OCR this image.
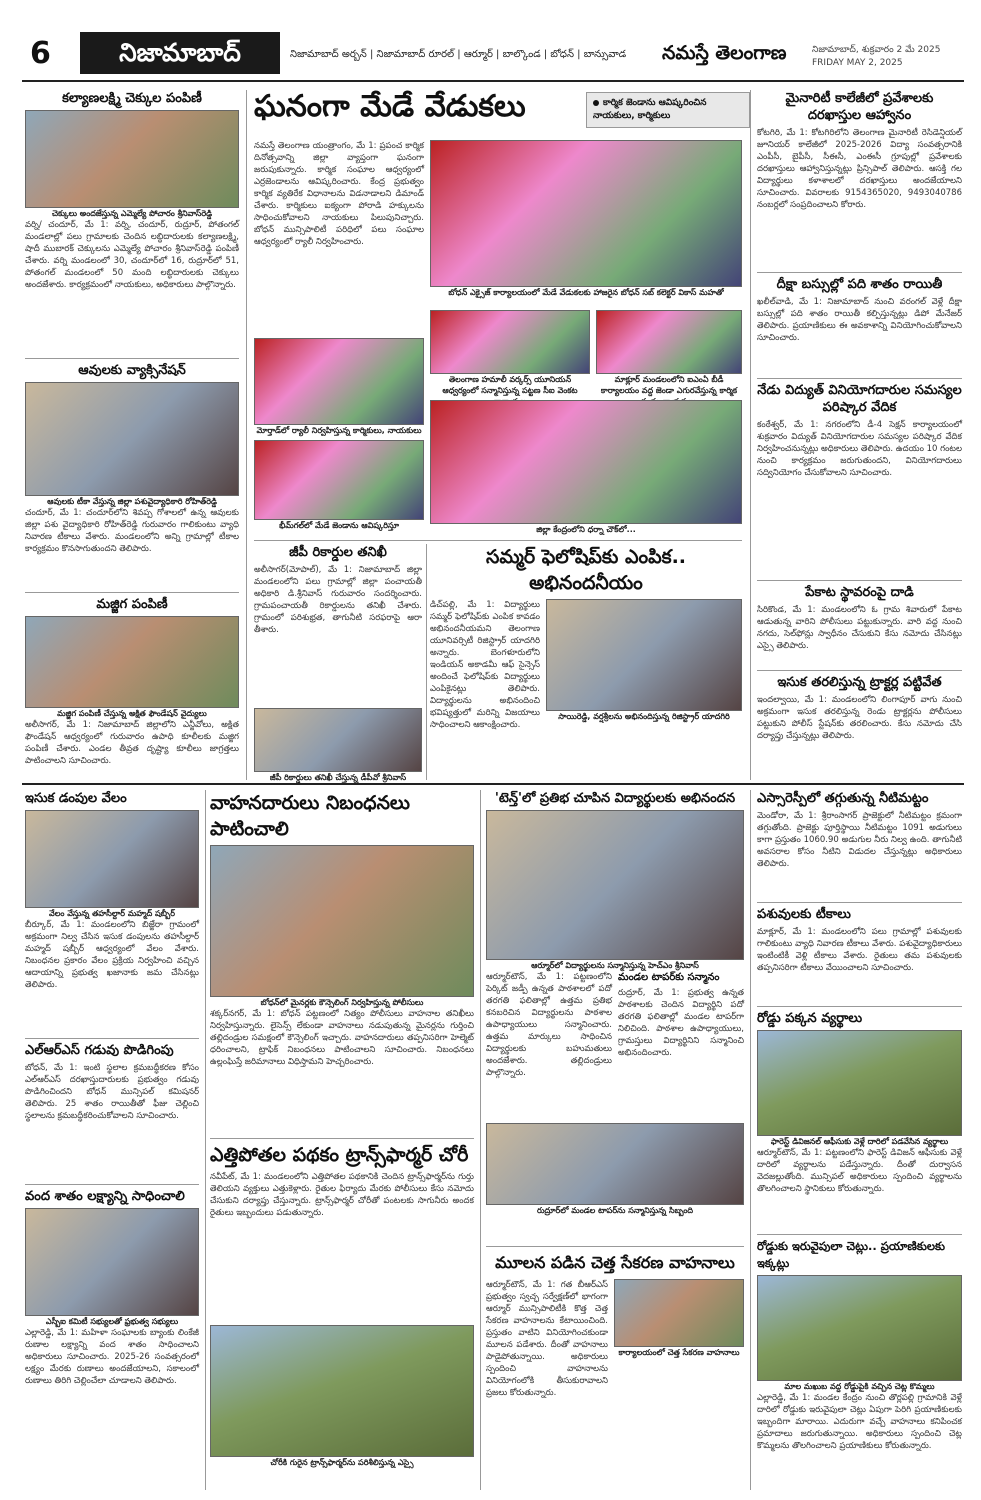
6	నిజామాబాద్	నిజామాబాద్ అర్బన్ | నిజామాబాద్ రూరల్ | ఆర్మూర్ | బాల్కొండ | బోధన్ | బాన్సువాడ నమస్తే తెలంగాణ	నిజామాబాద్, శుక్రవారం 2 మే 2025
FRIDAY MAY 2, 2025
కల్యాణలక్ష్మి చెక్కుల పంపిణీ
చెక్కులు అందజేస్తున్న ఎమ్మెల్యే పోచారం శ్రీనివాస్‌రెడ్డి
వర్ని/ చందూర్, మే 1: వర్ని, చందూర్, రుద్రూర్, పోతంగల్ మండలాల్లో పలు గ్రామాలకు చెందిన లబ్ధిదారులకు కల్యాణలక్ష్మి, షాదీ ముబారక్ చెక్కులను ఎమ్మెల్యే పోచారం శ్రీనివాస్‌రెడ్డి పంపిణీ చేశారు. వర్ని మండలంలో 30, చందూర్‌లో 16, రుద్రూర్‌లో 51, పోతంగల్ మండలంలో 50 మంది లబ్ధిదారులకు చెక్కులు అందజేశారు. కార్యక్రమంలో నాయకులు, అధికారులు పాల్గొన్నారు.
ఆవులకు వ్యాక్సినేషన్
ఆవులకు టీకా వేస్తున్న జిల్లా పశువైద్యాధికారి రోహిత్‌రెడ్డి
చందూర్, మే 1: చందూర్‌లోని శివప్ప గోశాలలో ఉన్న ఆవులకు జిల్లా పశు వైద్యాధికారి రోహిత్‌రెడ్డి గురువారం గాలికుంటు వ్యాధి నివారణ టీకాలు వేశారు. మండలంలోని అన్ని గ్రామాల్లో టీకాల కార్యక్రమం కొనసాగుతుందని తెలిపారు.
మజ్జిగ పంపిణీ
మజ్జిగ పంపిణీ చేస్తున్న అక్షిత ఫౌండేషన్ వైద్యులు
అలీసాగర్, మే 1: నిజామాబాద్ జిల్లాలోని ఎన్జీవోలు, అక్షిత ఫౌండేషన్ ఆధ్వర్యంలో గురువారం ఉపాధి కూలీలకు మజ్జిగ పంపిణీ చేశారు. ఎండల తీవ్రత దృష్ట్యా కూలీలు జాగ్రత్తలు పాటించాలని సూచించారు.
ఘనంగా మేడే వేడుకలు	కార్మిక జెండాను ఆవిష్కరించిన నాయకులు, కార్మికులు
నమస్తే తెలంగాణ యంత్రాంగం, మే 1: ప్రపంచ కార్మిక దినోత్సవాన్ని జిల్లా వ్యాప్తంగా ఘనంగా జరుపుకున్నారు. కార్మిక సంఘాల ఆధ్వర్యంలో ఎర్రజెండాలను ఆవిష్కరించారు. కేంద్ర ప్రభుత్వం కార్మిక వ్యతిరేక విధానాలను విడనాడాలని డిమాండ్ చేశారు. కార్మికులు ఐక్యంగా పోరాడి హక్కులను సాధించుకోవాలని నాయకులు పిలుపునిచ్చారు. బోధన్ మున్సిపాలిటీ పరిధిలో పలు సంఘాల ఆధ్వర్యంలో ర్యాలీ నిర్వహించారు.
బోధన్ ఎక్సైజ్ కార్యాలయంలో మేడే వేడుకలకు హాజరైన బోధన్ సబ్ కలెక్టర్ వికాస్ మహతో
మోర్తాడ్‌లో ర్యాలీ నిర్వహిస్తున్న కార్మికులు, నాయకులు
భీమ్‌గల్‌లో మేడే జెండాను ఆవిష్కరిస్తూ
తెలంగాణ హమాలీ వర్కర్స్ యూనియన్ ఆధ్వర్యంలో సన్మానిస్తున్న పట్టణ సీఐ వెంకట
మాక్లూర్ మండలంలోని ఐఎంఏ బీడీ కార్యాలయం వద్ద జెండా ఎగురవేస్తున్న కార్మిక
జిల్లా కేంద్రంలోని ధర్నా చౌక్‌లో...
జీపీ రికార్డుల తనిఖీ
అలీసాగర్(మోపాల్), మే 1: నిజామాబాద్ జిల్లా మండలంలోని పలు గ్రామాల్లో జిల్లా పంచాయతీ అధికారి డి.శ్రీనివాస్ గురువారం సందర్శించారు. గ్రామపంచాయతీ రికార్డులను తనిఖీ చేశారు. గ్రామంలో పరిశుభ్రత, తాగునీటి సరఫరాపై ఆరా తీశారు.
జీపీ రికార్డులు తనిఖీ చేస్తున్న డీపీవో శ్రీనివాస్
సమ్మర్ ఫెలోషిప్‌కు ఎంపిక.. అభినందనీయం
డిచ్‌పల్లి, మే 1: విద్యార్థులు సమ్మర్ ఫెలోషిప్‌కు ఎంపిక కావడం అభినందనీయమని తెలంగాణ యూనివర్సిటీ రిజిస్ట్రార్ యాదగిరి అన్నారు. బెంగళూరులోని ఇండియన్ అకాడమీ ఆఫ్ సైన్సెస్ అందించే ఫెలోషిప్‌కు విద్యార్థులు ఎంపికైనట్లు తెలిపారు. విద్యార్థులను అభినందించి భవిష్యత్తులో మరిన్ని విజయాలు సాధించాలని ఆకాంక్షించారు.
సాయిరెడ్డి, వర్షశ్రీలను అభినందిస్తున్న రిజిస్ట్రార్ యాదగిరి
మైనారిటీ కాలేజీలో ప్రవేశాలకు దరఖాస్తుల ఆహ్వానం
కోటగిరి, మే 1: కోటగిరిలోని తెలంగాణ మైనారిటీ రెసిడెన్షియల్ జూనియర్ కాలేజీలో 2025-2026 విద్యా సంవత్సరానికి ఎంపీసీ, బైపీసీ, సీఈసీ, ఎంఈసీ గ్రూపుల్లో ప్రవేశాలకు దరఖాస్తులు ఆహ్వానిస్తున్నట్లు ప్రిన్సిపాల్ తెలిపారు. ఆసక్తి గల విద్యార్థులు కళాశాలలో దరఖాస్తులు అందజేయాలని సూచించారు. వివరాలకు 9154365020, 9493040786 నంబర్లలో సంప్రదించాలని కోరారు.
దీక్షా బస్సుల్లో పది శాతం రాయితీ
ఖలీల్‌వాడి, మే 1: నిజామాబాద్ నుంచి వరంగల్ వెళ్లే దీక్షా బస్సుల్లో పది శాతం రాయితీ కల్పిస్తున్నట్లు డిపో మేనేజర్ తెలిపారు. ప్రయాణికులు ఈ అవకాశాన్ని వినియోగించుకోవాలని సూచించారు.
నేడు విద్యుత్ వినియోగదారుల సమస్యల పరిష్కార వేదిక
కంఠేశ్వర్, మే 1: నగరంలోని డీ-4 సెక్షన్ కార్యాలయంలో శుక్రవారం విద్యుత్ వినియోగదారుల సమస్యల పరిష్కార వేదిక నిర్వహించనున్నట్లు అధికారులు తెలిపారు. ఉదయం 10 గంటల నుంచి కార్యక్రమం జరుగుతుందని, వినియోగదారులు సద్వినియోగం చేసుకోవాలని సూచించారు.
పేకాట స్థావరంపై దాడి
సిరికొండ, మే 1: మండలంలోని ఓ గ్రామ శివారులో పేకాట ఆడుతున్న వారిని పోలీసులు పట్టుకున్నారు. వారి వద్ద నుంచి నగదు, సెల్‌ఫోన్లు స్వాధీనం చేసుకుని కేసు నమోదు చేసినట్లు ఎస్సై తెలిపారు.
ఇసుక తరలిస్తున్న ట్రాక్టర్ల పట్టివేత
ఇందల్వాయి, మే 1: మండలంలోని లింగాపూర్ వాగు నుంచి అక్రమంగా ఇసుక తరలిస్తున్న రెండు ట్రాక్టర్లను పోలీసులు పట్టుకుని పోలీస్ స్టేషన్‌కు తరలించారు. కేసు నమోదు చేసి దర్యాప్తు చేస్తున్నట్లు తెలిపారు.
ఇసుక డంపుల వేలం
వేలం వేస్తున్న తహసీల్దార్ మహ్మద్ షబ్బీర్
బీర్కూర్, మే 1: మండలంలోని బిజ్జేరా గ్రామంలో అక్రమంగా నిల్వ చేసిన ఇసుక డంపులను తహసీల్దార్ మహ్మద్ షబ్బీర్ ఆధ్వర్యంలో వేలం వేశారు. నిబంధనల ప్రకారం వేలం ప్రక్రియ నిర్వహించి వచ్చిన ఆదాయాన్ని ప్రభుత్వ ఖజానాకు జమ చేసినట్లు తెలిపారు.
ఎల్ఆర్ఎస్ గడువు పొడిగింపు
బోధన్, మే 1: ఇంటి స్థలాల క్రమబద్ధీకరణ కోసం ఎల్ఆర్ఎస్ దరఖాస్తుదారులకు ప్రభుత్వం గడువు పొడిగించిందని బోధన్ మున్సిపల్ కమిషనర్ తెలిపారు. 25 శాతం రాయితీతో ఫీజు చెల్లించి స్థలాలను క్రమబద్ధీకరించుకోవాలని సూచించారు.
వంద శాతం లక్ష్యాన్ని సాధించాలి
ఎస్బీఐ కమిటీ సభ్యులతో ఫ్రభుత్వ సభ్యులు
ఎల్లారెడ్డి, మే 1: మహిళా సంఘాలకు బ్యాంకు లింకేజీ రుణాల లక్ష్యాన్ని వంద శాతం సాధించాలని అధికారులు సూచించారు. 2025-26 సంవత్సరంలో లక్ష్యం మేరకు రుణాలు అందజేయాలని, సకాలంలో రుణాలు తిరిగి చెల్లించేలా చూడాలని తెలిపారు.
వాహనదారులు నిబంధనలు పాటించాలి
బోధన్‌లో మైనర్లకు కౌన్సెలింగ్ నిర్వహిస్తున్న పోలీసులు
శక్కర్‌నగర్, మే 1: బోధన్ పట్టణంలో నిత్యం పోలీసులు వాహనాల తనిఖీలు నిర్వహిస్తున్నారు. లైసెన్స్ లేకుండా వాహనాలు నడుపుతున్న మైనర్లను గుర్తించి తల్లిదండ్రుల సమక్షంలో కౌన్సెలింగ్ ఇచ్చారు. వాహనదారులు తప్పనిసరిగా హెల్మెట్ ధరించాలని, ట్రాఫిక్ నిబంధనలు పాటించాలని సూచించారు. నిబంధనలు ఉల్లంఘిస్తే జరిమానాలు విధిస్తామని హెచ్చరించారు.
ఎత్తిపోతల పథకం ట్రాన్స్‌ఫార్మర్ చోరీ
నవీపేట్, మే 1: మండలంలోని ఎత్తిపోతల పథకానికి చెందిన ట్రాన్స్‌ఫార్మర్‌ను గుర్తు తెలియని వ్యక్తులు ఎత్తుకెళ్లారు. రైతుల ఫిర్యాదు మేరకు పోలీసులు కేసు నమోదు చేసుకుని దర్యాప్తు చేస్తున్నారు. ట్రాన్స్‌ఫార్మర్ చోరీతో పంటలకు సాగునీరు అందక రైతులు ఇబ్బందులు పడుతున్నారు.
చోరీకి గురైన ట్రాన్స్‌ఫార్మర్‌ను పరిశీలిస్తున్న ఎస్సై
'టెన్త్'లో ప్రతిభ చూపిన విద్యార్థులకు అభినందన
ఆర్మూర్‌లో విద్యార్థులను సన్మానిస్తున్న హెచ్ఎం శ్రీనివాస్
ఆర్మూర్‌టౌన్, మే 1: పట్టణంలోని పెర్కిట్ జడ్పీ ఉన్నత పాఠశాలలో పదో తరగతి ఫలితాల్లో ఉత్తమ ప్రతిభ కనబరిచిన విద్యార్థులను పాఠశాల ఉపాధ్యాయులు సన్మానించారు. ఉత్తమ మార్కులు సాధించిన విద్యార్థులకు బహుమతులు అందజేశారు. తల్లిదండ్రులు పాల్గొన్నారు.
మండల టాపర్‌కు సన్మానం
రుద్రూర్, మే 1: ప్రభుత్వ ఉన్నత పాఠశాలకు చెందిన విద్యార్థిని పదో తరగతి ఫలితాల్లో మండల టాపర్‌గా నిలిచింది. పాఠశాల ఉపాధ్యాయులు, గ్రామస్తులు విద్యార్థినిని సన్మానించి అభినందించారు.
రుద్రూర్‌లో మండల టాపర్‌ను సన్మానిస్తున్న సిబ్బంది
మూలన పడిన చెత్త సేకరణ వాహనాలు
ఆర్మూర్‌టౌన్, మే 1: గత బీఆర్ఎస్ ప్రభుత్వం స్వచ్ఛ సర్వేక్షణ్‌లో భాగంగా ఆర్మూర్ మున్సిపాలిటీకి కొత్త చెత్త సేకరణ వాహనాలను కేటాయించింది. ప్రస్తుతం వాటిని వినియోగించకుండా మూలన పడేశారు. దీంతో వాహనాలు పాడైపోతున్నాయి. అధికారులు స్పందించి వాహనాలను వినియోగంలోకి తీసుకురావాలని ప్రజలు కోరుతున్నారు.
కార్యాలయంలో చెత్త సేకరణ వాహనాలు
ఎస్సారెస్పీలో తగ్గుతున్న నీటిమట్టం
మెండోరా, మే 1: శ్రీరాంసాగర్ ప్రాజెక్టులో నీటిమట్టం క్రమంగా తగ్గుతోంది. ప్రాజెక్టు పూర్తిస్థాయి నీటిమట్టం 1091 అడుగులు కాగా ప్రస్తుతం 1060.90 అడుగుల నీరు నిల్వ ఉంది. తాగునీటి అవసరాల కోసం నీటిని విడుదల చేస్తున్నట్లు అధికారులు తెలిపారు.
పశువులకు టీకాలు
మాక్లూర్, మే 1: మండలంలోని పలు గ్రామాల్లో పశువులకు గాలికుంటు వ్యాధి నివారణ టీకాలు వేశారు. పశువైద్యాధికారులు ఇంటింటికీ వెళ్లి టీకాలు వేశారు. రైతులు తమ పశువులకు తప్పనిసరిగా టీకాలు వేయించాలని సూచించారు.
రోడ్డు పక్కన వ్యర్థాలు
ఫారెస్ట్ డివిజనల్ ఆఫీసుకు వెళ్లే దారిలో పడవేసిన వ్యర్థాలు
ఆర్మూర్‌టౌన్, మే 1: పట్టణంలోని ఫారెస్ట్ డివిజన్ ఆఫీసుకు వెళ్లే దారిలో వ్యర్థాలను పడేస్తున్నారు. దీంతో దుర్వాసన వెదజల్లుతోంది. మున్సిపల్ అధికారులు స్పందించి వ్యర్థాలను తొలగించాలని స్థానికులు కోరుతున్నారు.
రోడ్డుకు ఇరువైపులా చెట్లు.. ప్రయాణికులకు ఇక్కట్లు
మాల మఖుబ వద్ద రోడ్డుపైకి వచ్చిన చెట్ల కొమ్మలు
ఎల్లారెడ్డి, మే 1: మండల కేంద్రం నుంచి తొర్లపల్లి గ్రామానికి వెళ్లే దారిలో రోడ్డుకు ఇరువైపులా చెట్లు ఏపుగా పెరిగి ప్రయాణికులకు ఇబ్బందిగా మారాయి. ఎదురుగా వచ్చే వాహనాలు కనిపించక ప్రమాదాలు జరుగుతున్నాయి. అధికారులు స్పందించి చెట్ల కొమ్మలను తొలగించాలని ప్రయాణికులు కోరుతున్నారు.
